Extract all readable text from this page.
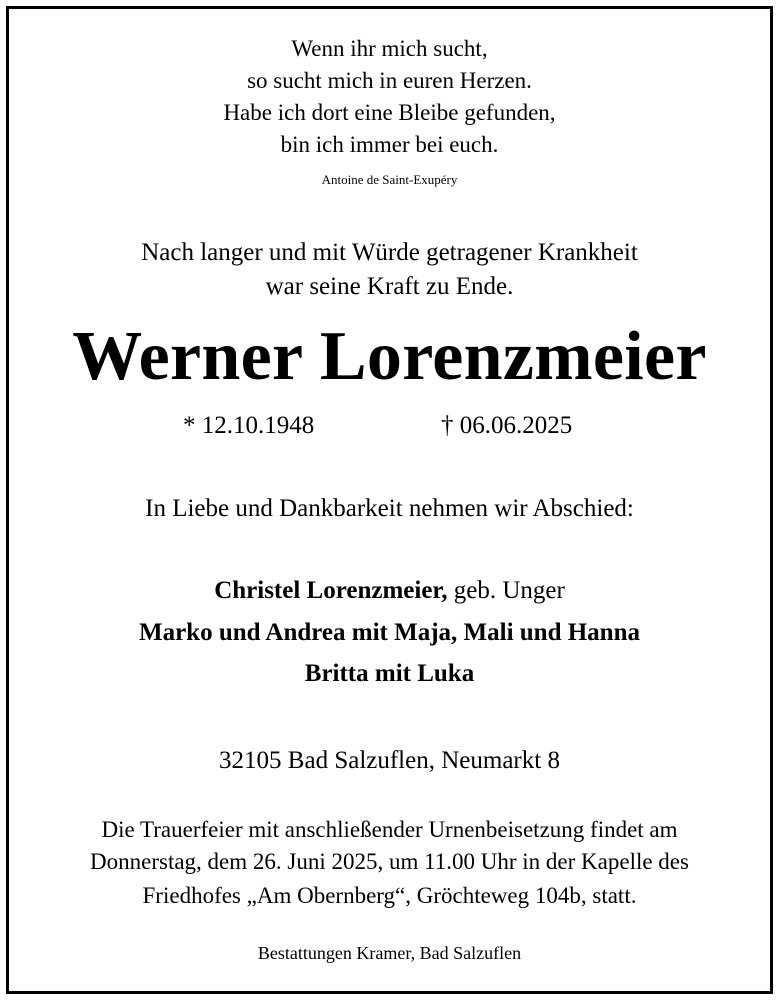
Wenn ihr mich sucht,
so sucht mich in euren Herzen.
Habe ich dort eine Bleibe gefunden,
bin ich immer bei euch.
Antoine de Saint-Exupéry
Nach langer und mit Würde getragener Krankheit
war seine Kraft zu Ende.
Werner Lorenzmeier
* 12.10.1948	† 06.06.2025
In Liebe und Dankbarkeit nehmen wir Abschied:
Christel Lorenzmeier, geb. Unger
Marko und Andrea mit Maja, Mali und Hanna
Britta mit Luka
32105 Bad Salzuflen, Neumarkt 8
Die Trauerfeier mit anschließender Urnenbeisetzung findet am
Donnerstag, dem 26. Juni 2025, um 11.00 Uhr in der Kapelle des
Friedhofes „Am Obernberg“, Gröchteweg 104b, statt.
Bestattungen Kramer, Bad Salzuflen
